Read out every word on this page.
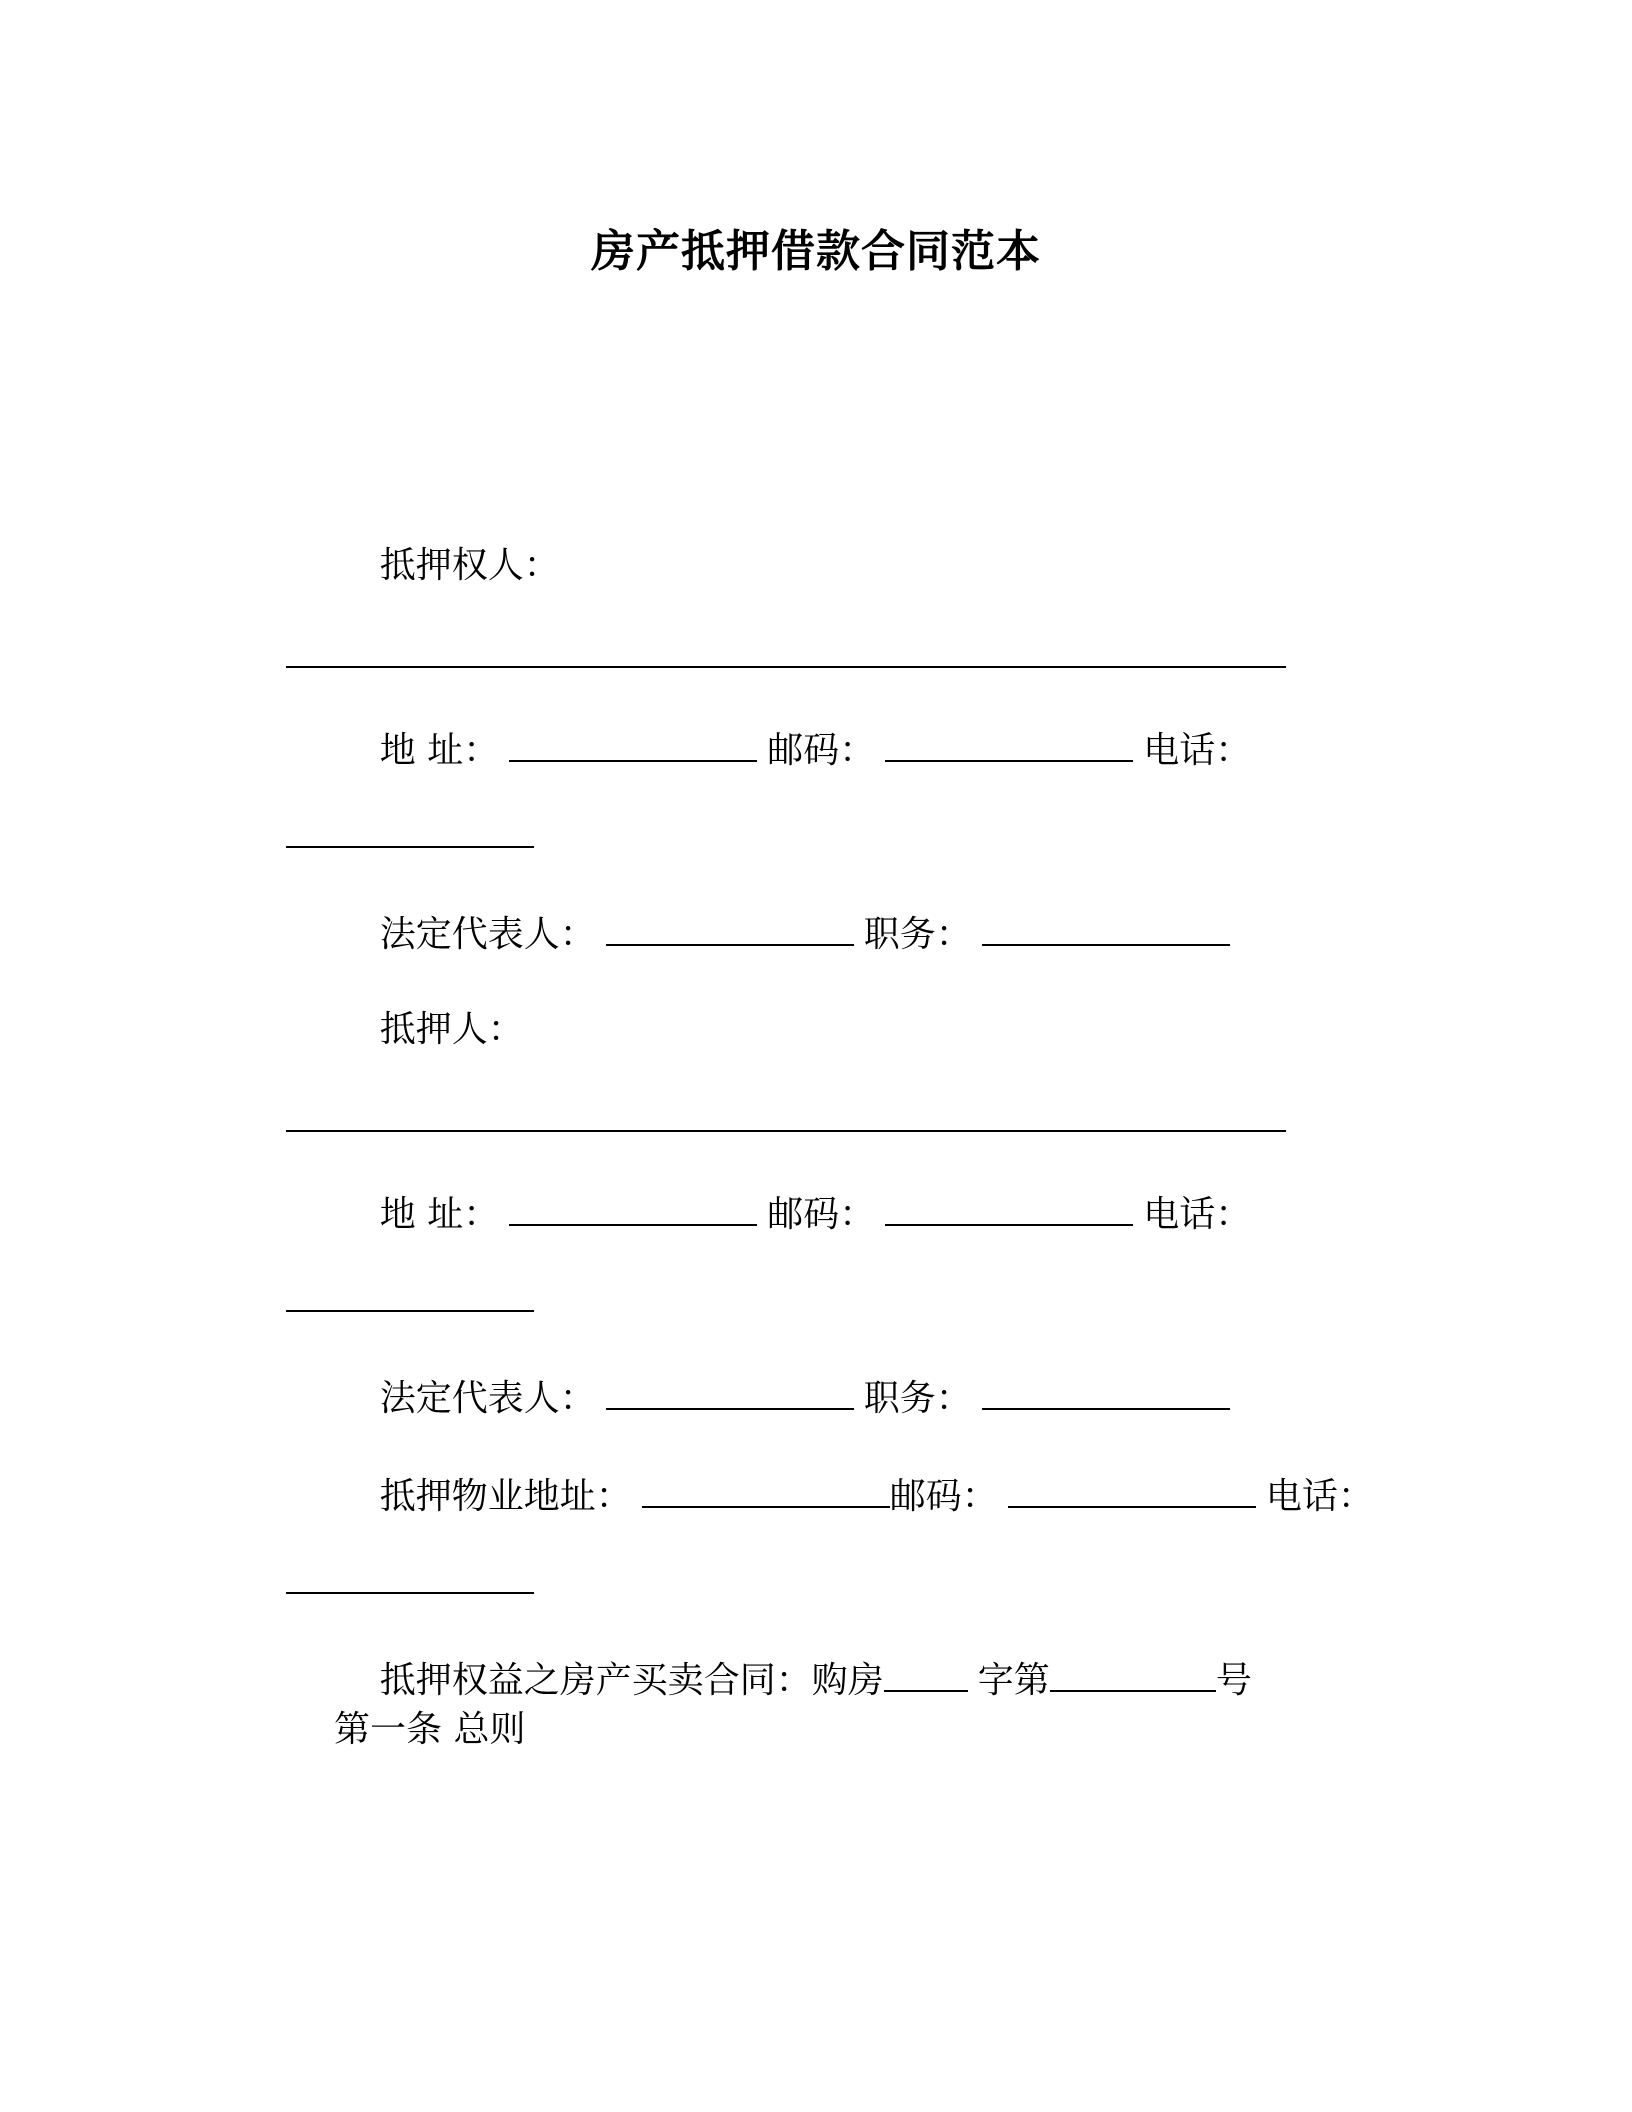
房产抵押借款合同范本

抵押权人：

地 址：	邮码：	电话：

法定代表人：	职务：

抵押人：

地 址：	邮码：	电话：

法定代表人：	职务：

抵押物业地址：	邮码：	电话：

抵押权益之房产买卖合同：购房	字第	号

第一条 总则
